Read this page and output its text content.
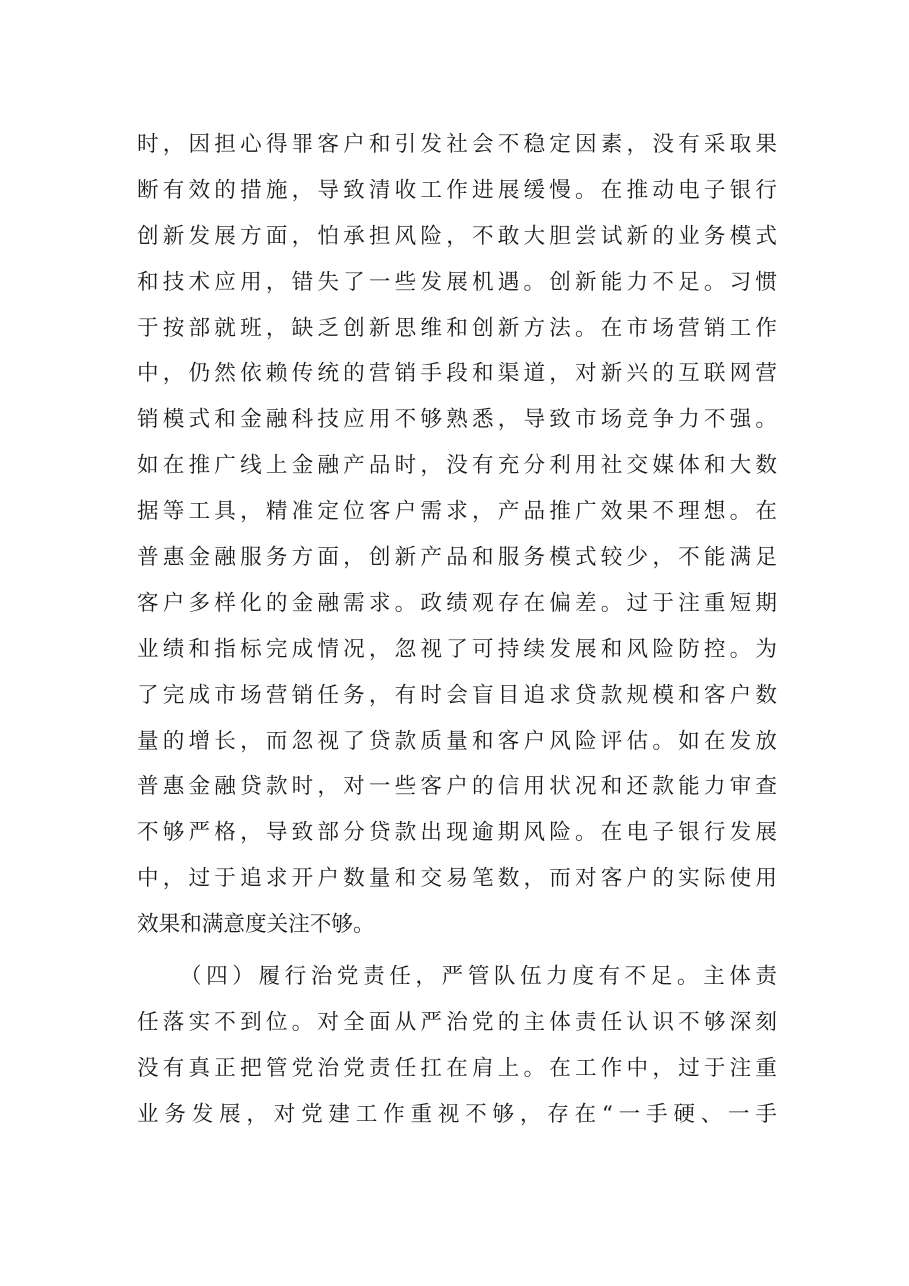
时，因担心得罪客户和引发社会不稳定因素，没有采取果
断有效的措施，导致清收工作进展缓慢。在推动电子银行
创新发展方面，怕承担风险，不敢大胆尝试新的业务模式
和技术应用，错失了一些发展机遇。创新能力不足。习惯
于按部就班，缺乏创新思维和创新方法。在市场营销工作
中，仍然依赖传统的营销手段和渠道，对新兴的互联网营
销模式和金融科技应用不够熟悉，导致市场竞争力不强。
如在推广线上金融产品时，没有充分利用社交媒体和大数
据等工具，精准定位客户需求，产品推广效果不理想。在
普惠金融服务方面，创新产品和服务模式较少，不能满足
客户多样化的金融需求。政绩观存在偏差。过于注重短期
业绩和指标完成情况，忽视了可持续发展和风险防控。为
了完成市场营销任务，有时会盲目追求贷款规模和客户数
量的增长，而忽视了贷款质量和客户风险评估。如在发放
普惠金融贷款时，对一些客户的信用状况和还款能力审查
不够严格，导致部分贷款出现逾期风险。在电子银行发展
中，过于追求开户数量和交易笔数，而对客户的实际使用
效果和满意度关注不够。
（四）履行治党责任，严管队伍力度有不足。主体责
任落实不到位。对全面从严治党的主体责任认识不够深刻
没有真正把管党治党责任扛在肩上。在工作中，过于注重
业务发展，对党建工作重视不够，存在“一手硬、一手
